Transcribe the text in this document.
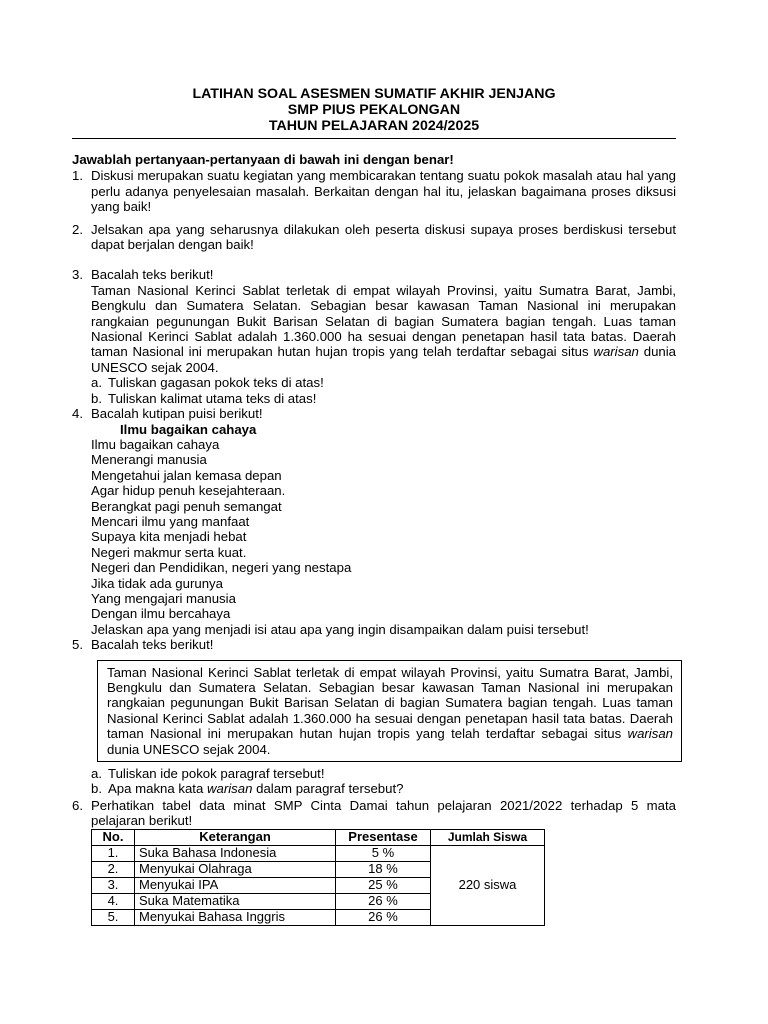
LATIHAN SOAL ASESMEN SUMATIF AKHIR JENJANG
SMP PIUS PEKALONGAN
TAHUN PELAJARAN 2024/2025
Jawablah pertanyaan-pertanyaan di bawah ini dengan benar!
1. Diskusi merupakan suatu kegiatan yang membicarakan tentang suatu pokok masalah atau hal yang perlu adanya penyelesaian masalah. Berkaitan dengan hal itu, jelaskan bagaimana proses diksusi yang baik!
2. Jelsakan apa yang seharusnya dilakukan oleh peserta diskusi supaya proses berdiskusi tersebut dapat berjalan dengan baik!
3. Bacalah teks berikut!
Taman Nasional Kerinci Sablat terletak di empat wilayah Provinsi, yaitu Sumatra Barat, Jambi, Bengkulu dan Sumatera Selatan. Sebagian besar kawasan Taman Nasional ini merupakan rangkaian pegunungan Bukit Barisan Selatan di bagian Sumatera bagian tengah. Luas taman Nasional Kerinci Sablat adalah 1.360.000 ha sesuai dengan penetapan hasil tata batas. Daerah taman Nasional ini merupakan hutan hujan tropis yang telah terdaftar sebagai situs warisan dunia UNESCO sejak 2004.
a. Tuliskan gagasan pokok teks di atas!
b. Tuliskan kalimat utama teks di atas!
4. Bacalah kutipan puisi berikut!
Ilmu bagaikan cahaya
Ilmu bagaikan cahaya
Menerangi manusia
Mengetahui jalan kemasa depan
Agar hidup penuh kesejahteraan.
Berangkat pagi penuh semangat
Mencari ilmu yang manfaat
Supaya kita menjadi hebat
Negeri makmur serta kuat.
Negeri dan Pendidikan, negeri yang nestapa
Jika tidak ada gurunya
Yang mengajari manusia
Dengan ilmu bercahaya
Jelaskan apa yang menjadi isi atau apa yang ingin disampaikan dalam puisi tersebut!
5. Bacalah teks berikut!
Taman Nasional Kerinci Sablat terletak di empat wilayah Provinsi, yaitu Sumatra Barat, Jambi, Bengkulu dan Sumatera Selatan. Sebagian besar kawasan Taman Nasional ini merupakan rangkaian pegunungan Bukit Barisan Selatan di bagian Sumatera bagian tengah. Luas taman Nasional Kerinci Sablat adalah 1.360.000 ha sesuai dengan penetapan hasil tata batas. Daerah taman Nasional ini merupakan hutan hujan tropis yang telah terdaftar sebagai situs warisan dunia UNESCO sejak 2004.
a. Tuliskan ide pokok paragraf tersebut!
b. Apa makna kata warisan dalam paragraf tersebut?
6. Perhatikan tabel data minat SMP Cinta Damai tahun pelajaran 2021/2022 terhadap 5 mata pelajaran berikut!
No.	Keterangan	Presentase	Jumlah Siswa
1.	Suka Bahasa Indonesia	5 %	220 siswa
2.	Menyukai Olahraga	18 %	
3.	Menyukai IPA	25 %	
4.	Suka Matematika	26 %	
5.	Menyukai Bahasa Inggris	26 %	
